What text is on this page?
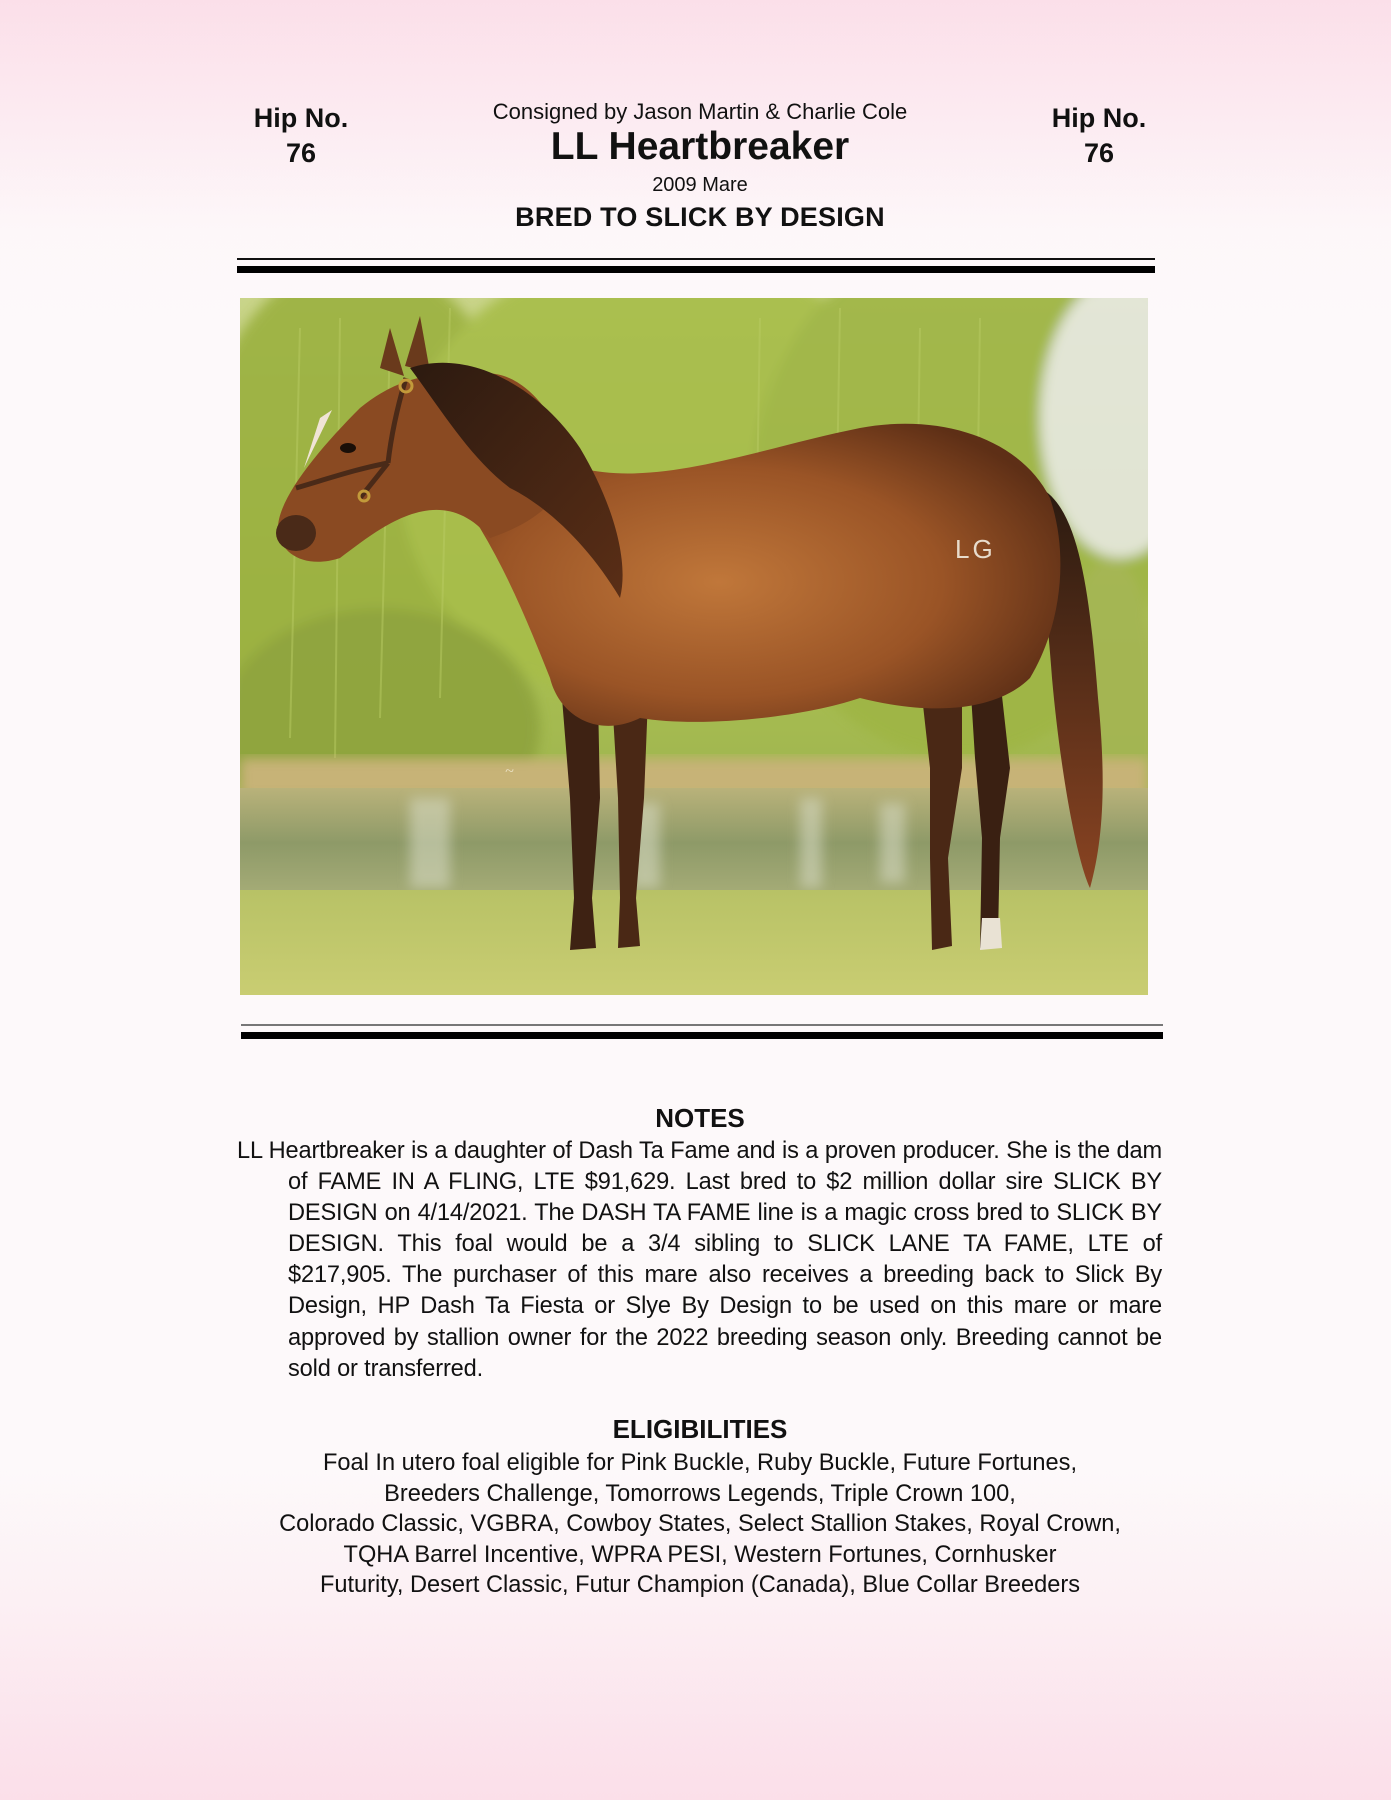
Hip No.
76
Consigned by Jason Martin & Charlie Cole
LL Heartbreaker
2009 Mare
BRED TO SLICK BY DESIGN
Hip No.
76
LG
~
NOTES
LL Heartbreaker is a daughter of Dash Ta Fame and is a proven producer. She is the dam of FAME IN A FLING, LTE $91,629. Last bred to $2 million dollar sire SLICK BY DESIGN on 4/14/2021. The DASH TA FAME line is a magic cross bred to SLICK BY DESIGN. This foal would be a 3/4 sibling to SLICK LANE TA FAME, LTE of $217,905. The purchaser of this mare also receives a breeding back to Slick By Design, HP Dash Ta Fiesta or Slye By Design to be used on this mare or mare approved by stallion owner for the 2022 breeding season only. Breeding cannot be sold or transferred.
ELIGIBILITIES
Foal In utero foal eligible for Pink Buckle, Ruby Buckle, Future Fortunes,
Breeders Challenge, Tomorrows Legends, Triple Crown 100,
Colorado Classic, VGBRA, Cowboy States, Select Stallion Stakes, Royal Crown,
TQHA Barrel Incentive, WPRA PESI, Western Fortunes, Cornhusker
Futurity, Desert Classic, Futur Champion (Canada), Blue Collar Breeders
